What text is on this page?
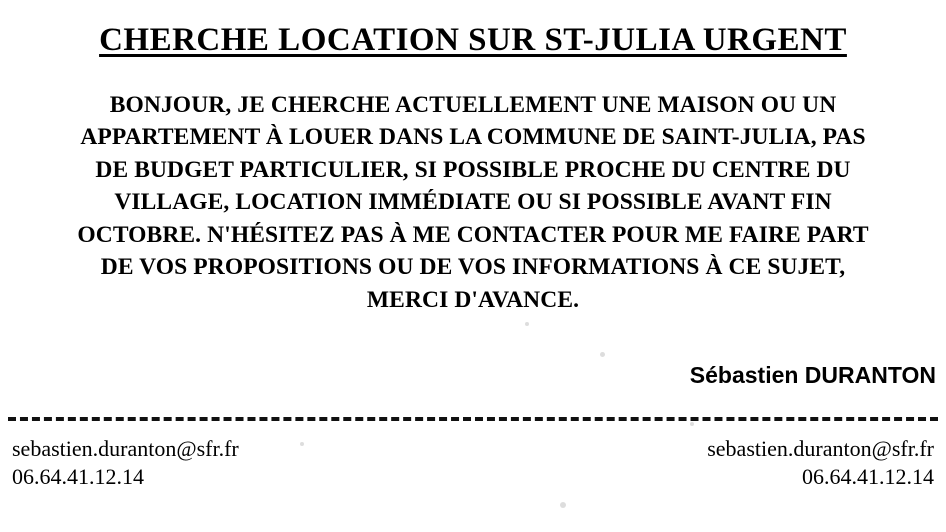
CHERCHE LOCATION SUR ST-JULIA URGENT
BONJOUR, JE CHERCHE ACTUELLEMENT UNE MAISON OU UN
APPARTEMENT À LOUER DANS LA COMMUNE DE SAINT-JULIA, PAS
DE BUDGET PARTICULIER, SI POSSIBLE PROCHE DU CENTRE DU
VILLAGE, LOCATION IMMÉDIATE OU SI POSSIBLE AVANT FIN
OCTOBRE. N'HÉSITEZ PAS À ME CONTACTER POUR ME FAIRE PART
DE VOS PROPOSITIONS OU DE VOS INFORMATIONS À CE SUJET,
MERCI D'AVANCE.
Sébastien DURANTON
sebastien.duranton@sfr.fr
06.64.41.12.14
sebastien.duranton@sfr.fr
06.64.41.12.14
